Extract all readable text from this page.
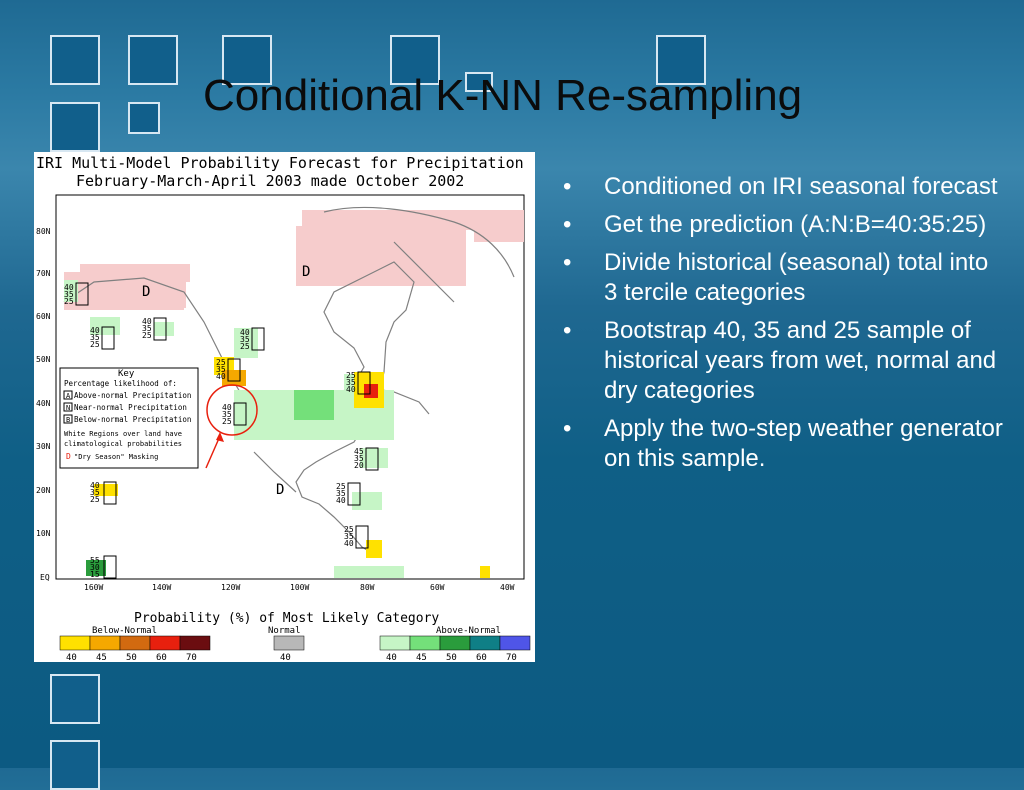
Conditional K-NN Re-sampling
IRI Multi-Model Probability Forecast for Precipitation
February-March-April 2003 made October 2002
80N
70N
60N
50N
40N
30N
20N
10N
EQ
160W	140W	120W	100W	80W	60W	40W
D
D
D
40
35
25
40
35
25
40
35
25	40
35
25
25
35
40
40
35
25
25
35
40
45
35
20
25
35
40
40
35
25
25
35
40
55
30
15
Key
Percentage likelihood of:
A Above-normal Precipitation
N Near-normal Precipitation
B Below-normal Precipitation
White Regions over land have
climatological probabilities
D "Dry Season" Masking
Probability (%) of Most Likely Category
Below-Normal	Normal	Above-Normal
40 45 50 60 70	40	40 45 50 60 70
• Conditioned on IRI seasonal forecast
• Get the prediction (A:N:B=40:35:25)
• Divide historical (seasonal) total into 3 tercile categories
• Bootstrap 40, 35 and 25 sample of historical years from wet, normal and dry categories
• Apply the two-step weather generator on this sample.
